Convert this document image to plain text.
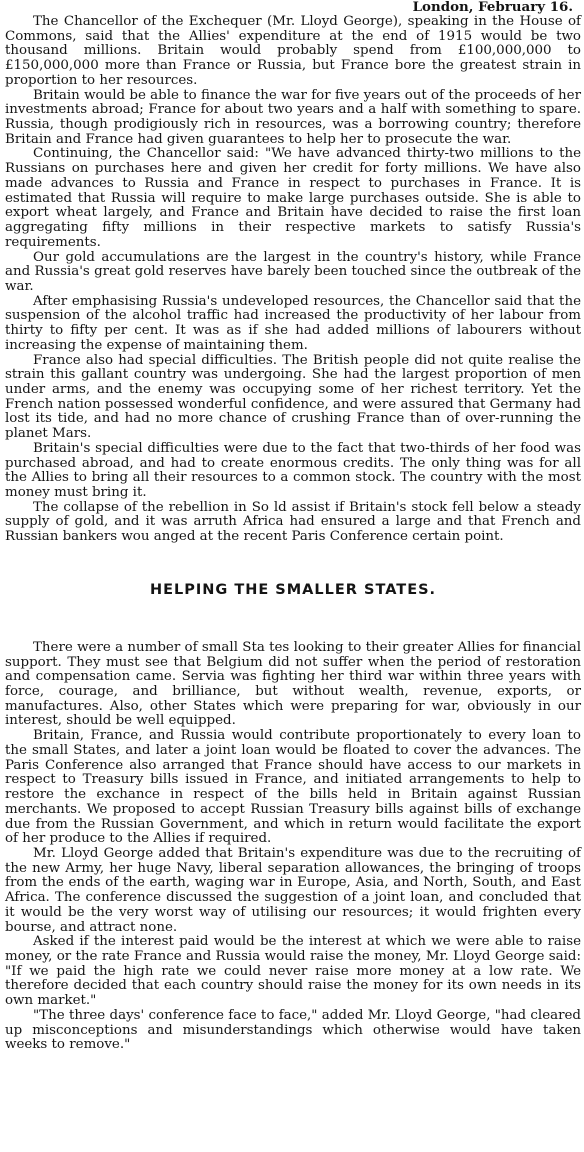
London, February 16.

The Chancellor of the Exchequer (Mr. Lloyd George), speaking in the House of Commons, said that the Allies' expenditure at the end of 1915 would be two thousand millions. Britain would probably spend from £100,000,000 to £150,000,000 more than France or Russia, but France bore the greatest strain in proportion to her resources.

Britain would be able to finance the war for five years out of the proceeds of her investments abroad; France for about two years and a half with something to spare. Russia, though prodigiously rich in resources, was a borrowing country; therefore Britain and France had given guarantees to help her to prosecute the war.

Continuing, the Chancellor said: "We have advanced thirty-two millions to the Russians on purchases here and given her credit for forty millions. We have also made advances to Russia and France in respect to purchases in France. It is estimated that Russia will require to make large purchases outside. She is able to export wheat largely, and France and Britain have decided to raise the first loan aggregating fifty millions in their respective markets to satisfy Russia's requirements.

Our gold accumulations are the largest in the country's history, while France and Russia's great gold reserves have barely been touched since the outbreak of the war.

After emphasising Russia's undeveloped resources, the Chancellor said that the suspension of the alcohol traffic had increased the productivity of her labour from thirty to fifty per cent. It was as if she had added millions of labourers without increasing the expense of maintaining them.

France also had special difficulties. The British people did not quite realise the strain this gallant country was undergoing. She had the largest proportion of men under arms, and the enemy was occupying some of her richest territory. Yet the French nation possessed wonderful confidence, and were assured that Germany had lost its tide, and had no more chance of crushing France than of over-running the planet Mars.

Britain's special difficulties were due to the fact that two-thirds of her food was purchased abroad, and had to create enormous credits. The only thing was for all the Allies to bring all their resources to a common stock. The country with the most money must bring it.

The collapse of the rebellion in So ld assist if Britain's stock fell below a steady supply of gold, and it was arruth Africa had ensured a large and that French and Russian bankers wou anged at the recent Paris Conference certain point.

HELPING THE SMALLER STATES.

There were a number of small Sta tes looking to their greater Allies for financial support. They must see that Belgium did not suffer when the period of restoration and compensation came. Servia was fighting her third war within three years with force, courage, and brilliance, but without wealth, revenue, exports, or manufactures. Also, other States which were preparing for war, obviously in our interest, should be well equipped.

Britain, France, and Russia would contribute proportionately to every loan to the small States, and later a joint loan would be floated to cover the advances. The Paris Conference also arranged that France should have access to our markets in respect to Treasury bills issued in France, and initiated arrangements to help to restore the exchance in respect of the bills held in Britain against Russian merchants. We proposed to accept Russian Treasury bills against bills of exchange due from the Russian Government, and which in return would facilitate the export of her produce to the Allies if required.

Mr. Lloyd George added that Britain's expenditure was due to the recruiting of the new Army, her huge Navy, liberal separation allowances, the bringing of troops from the ends of the earth, waging war in Europe, Asia, and North, South, and East Africa. The conference discussed the suggestion of a joint loan, and concluded that it would be the very worst way of utilising our resources; it would frighten every bourse, and attract none.

Asked if the interest paid would be the interest at which we were able to raise money, or the rate France and Russia would raise the money, Mr. Lloyd George said: "If we paid the high rate we could never raise more money at a low rate. We therefore decided that each country should raise the money for its own needs in its own market."

"The three days' conference face to face," added Mr. Lloyd George, "had cleared up misconceptions and misunderstandings which otherwise would have taken weeks to remove."
